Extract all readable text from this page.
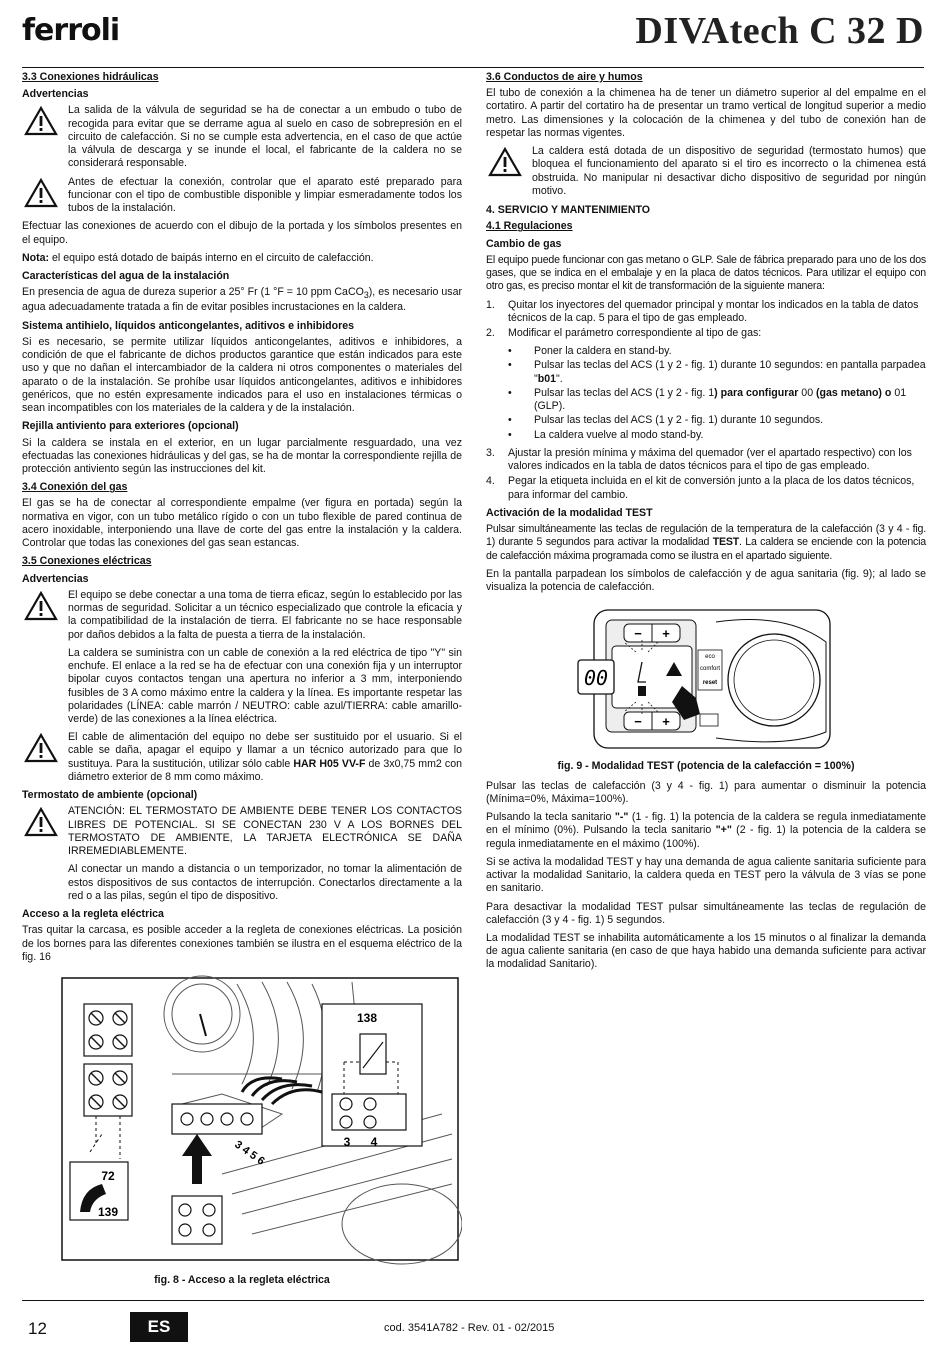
ferroli	DIVAtech C 32 D
3.3 Conexiones hidráulicas
Advertencias

La salida de la válvula de seguridad se ha de conectar a un embudo o tubo de recogida para evitar que se derrame agua al suelo en caso de sobrepresión en el circuito de calefacción. Si no se cumple esta advertencia, en el caso de que actúe la válvula de descarga y se inunde el local, el fabricante de la caldera no se considerará responsable.

Antes de efectuar la conexión, controlar que el aparato esté preparado para funcionar con el tipo de combustible disponible y limpiar esmeradamente todos los tubos de la instalación.

Efectuar las conexiones de acuerdo con el dibujo de la portada y los símbolos presentes en el equipo.

Nota: el equipo está dotado de baipás interno en el circuito de calefacción.

Características del agua de la instalación

En presencia de agua de dureza superior a 25° Fr (1 °F = 10 ppm CaCO$_3$), es necesario usar agua adecuadamente tratada a fin de evitar posibles incrustaciones en la caldera.

Sistema antihielo, líquidos anticongelantes, aditivos e inhibidores

Si es necesario, se permite utilizar líquidos anticongelantes, aditivos e inhibidores, a condición de que el fabricante de dichos productos garantice que están indicados para este uso y que no dañan el intercambiador de la caldera ni otros componentes o materiales del aparato o de la instalación. Se prohíbe usar líquidos anticongelantes, aditivos e inhibidores genéricos, que no estén expresamente indicados para el uso en instalaciones térmicas o sean incompatibles con los materiales de la caldera y de la instalación.

Rejilla antiviento para exteriores (opcional)

Si la caldera se instala en el exterior, en un lugar parcialmente resguardado, una vez efectuadas las conexiones hidráulicas y del gas, se ha de montar la correspondiente rejilla de protección antiviento según las instrucciones del kit.

3.4 Conexión del gas

El gas se ha de conectar al correspondiente empalme (ver figura en portada) según la normativa en vigor, con un tubo metálico rígido o con un tubo flexible de pared continua de acero inoxidable, interponiendo una llave de corte del gas entre la instalación y la caldera. Controlar que todas las conexiones del gas sean estancas.

3.5 Conexiones eléctricas
Advertencias

El equipo se debe conectar a una toma de tierra eficaz, según lo establecido por las normas de seguridad. Solicitar a un técnico especializado que controle la eficacia y la compatibilidad de la instalación de tierra. El fabricante no se hace responsable por daños debidos a la falta de puesta a tierra de la instalación.

La caldera se suministra con un cable de conexión a la red eléctrica de tipo "Y" sin enchufe. El enlace a la red se ha de efectuar con una conexión fija y un interruptor bipolar cuyos contactos tengan una apertura no inferior a 3 mm, interponiendo fusibles de 3 A como máximo entre la caldera y la línea. Es importante respetar las polaridades (LÍNEA: cable marrón / NEUTRO: cable azul/TIERRA: cable amarillo-verde) de las conexiones a la línea eléctrica.

El cable de alimentación del equipo no debe ser sustituido por el usuario. Si el cable se daña, apagar el equipo y llamar a un técnico autorizado para que lo sustituya. Para la sustitución, utilizar sólo cable HAR H05 VV-F de 3x0,75 mm2 con diámetro exterior de 8 mm como máximo.

Termostato de ambiente (opcional)

ATENCIÓN: EL TERMOSTATO DE AMBIENTE DEBE TENER LOS CONTACTOS LIBRES DE POTENCIAL. SI SE CONECTAN 230 V A LOS BORNES DEL TERMOSTATO DE AMBIENTE, LA TARJETA ELECTRÓNICA SE DAÑA IRREMEDIABLEMENTE.

Al conectar un mando a distancia o un temporizador, no tomar la alimentación de estos dispositivos de sus contactos de interrupción. Conectarlos directamente a la red o a las pilas, según el tipo de dispositivo.

Acceso a la regleta eléctrica

Tras quitar la carcasa, es posible acceder a la regleta de conexiones eléctricas. La posición de los bornes para las diferentes conexiones también se ilustra en el esquema eléctrico de la fig. 16

138
3 4
72
139
3 4 5 6
fig. 8 - Acceso a la regleta eléctrica
3.6 Conductos de aire y humos

El tubo de conexión a la chimenea ha de tener un diámetro superior al del empalme en el cortatiro. A partir del cortatiro ha de presentar un tramo vertical de longitud superior a medio metro. Las dimensiones y la colocación de la chimenea y del tubo de conexión han de respetar las normas vigentes.

La caldera está dotada de un dispositivo de seguridad (termostato humos) que bloquea el funcionamiento del aparato si el tiro es incorrecto o la chimenea está obstruida. No manipular ni desactivar dicho dispositivo de seguridad por ningún motivo.

4. SERVICIO Y MANTENIMIENTO
4.1 Regulaciones
Cambio de gas

El equipo puede funcionar con gas metano o GLP. Sale de fábrica preparado para uno de los dos gases, que se indica en el embalaje y en la placa de datos técnicos. Para utilizar el equipo con otro gas, es preciso montar el kit de transformación de la siguiente manera:

1. Quitar los inyectores del quemador principal y montar los indicados en la tabla de datos técnicos de la cap. 5 para el tipo de gas empleado.
2. Modificar el parámetro correspondiente al tipo de gas:
• Poner la caldera en stand-by.
• Pulsar las teclas del ACS (1 y 2 - fig. 1) durante 10 segundos: en pantalla parpadea "b01".
• Pulsar las teclas del ACS (1 y 2 - fig. 1) para configurar 00 (gas metano) o 01 (GLP).
• Pulsar las teclas del ACS (1 y 2 - fig. 1) durante 10 segundos.
• La caldera vuelve al modo stand-by.
3. Ajustar la presión mínima y máxima del quemador (ver el apartado respectivo) con los valores indicados en la tabla de datos técnicos para el tipo de gas empleado.
4. Pegar la etiqueta incluida en el kit de conversión junto a la placa de los datos técnicos, para informar del cambio.
Activación de la modalidad TEST

Pulsar simultáneamente las teclas de regulación de la temperatura de la calefacción (3 y 4 - fig. 1) durante 5 segundos para activar la modalidad TEST. La caldera se enciende con la potencia de calefacción máxima programada como se ilustra en el apartado siguiente.

En la pantalla parpadean los símbolos de calefacción y de agua sanitaria (fig. 9); al lado se visualiza la potencia de calefacción.

− +
− +
00
eco
comfort
reset
fig. 9 - Modalidad TEST (potencia de la calefacción = 100%)

Pulsar las teclas de calefacción (3 y 4 - fig. 1) para aumentar o disminuir la potencia (Mínima=0%, Máxima=100%).

Pulsando la tecla sanitario "-" (1 - fig. 1) la potencia de la caldera se regula inmediatamente en el mínimo (0%). Pulsando la tecla sanitario "+" (2 - fig. 1) la potencia de la caldera se regula inmediatamente en el máximo (100%).

Si se activa la modalidad TEST y hay una demanda de agua caliente sanitaria suficiente para activar la modalidad Sanitario, la caldera queda en TEST pero la válvula de 3 vías se pone en sanitario.

Para desactivar la modalidad TEST pulsar simultáneamente las teclas de regulación de calefacción (3 y 4 - fig. 1) 5 segundos.

La modalidad TEST se inhabilita automáticamente a los 15 minutos o al finalizar la demanda de agua caliente sanitaria (en caso de que haya habido una demanda suficiente para activar la modalidad Sanitario).

12	ES	cod. 3541A782 - Rev. 01 - 02/2015
